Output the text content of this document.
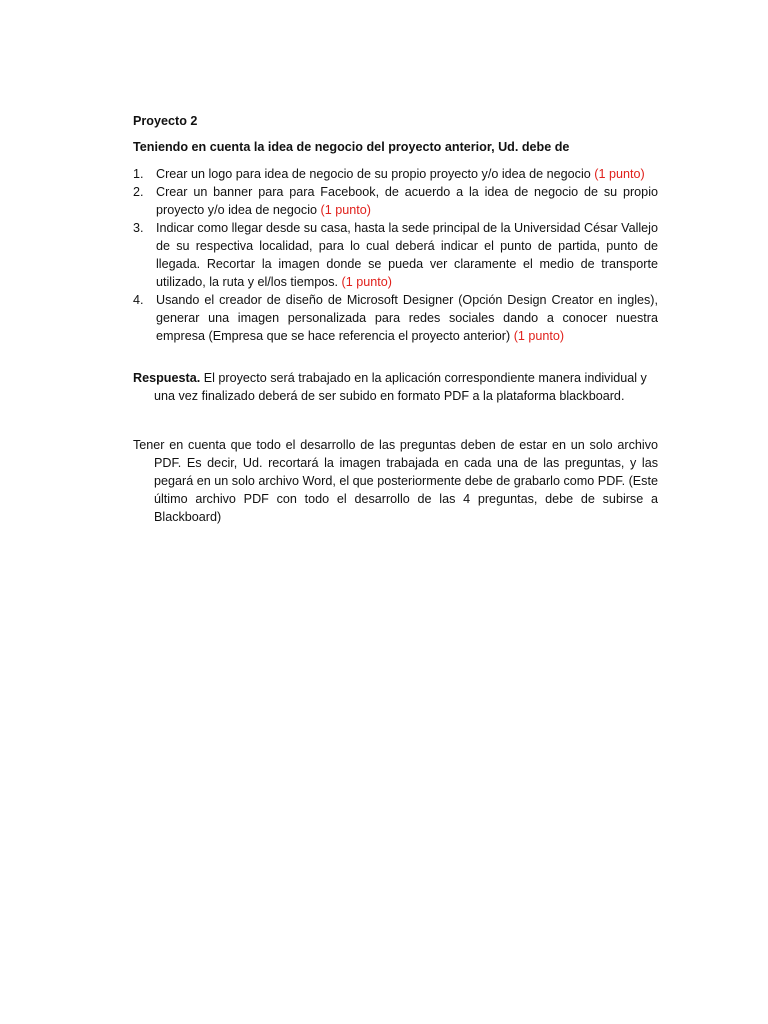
Proyecto 2

Teniendo en cuenta la idea de negocio del proyecto anterior, Ud. debe de

1. Crear un logo para idea de negocio de su propio proyecto y/o idea de negocio (1 punto)
2. Crear un banner para para Facebook, de acuerdo a la idea de negocio de su propio proyecto y/o idea de negocio (1 punto)
3. Indicar como llegar desde su casa, hasta la sede principal de la Universidad César Vallejo de su respectiva localidad, para lo cual deberá indicar el punto de partida, punto de llegada. Recortar la imagen donde se pueda ver claramente el medio de transporte utilizado, la ruta y el/los tiempos. (1 punto)
4. Usando el creador de diseño de Microsoft Designer (Opción Design Creator en ingles), generar una imagen personalizada para redes sociales dando a conocer nuestra empresa (Empresa que se hace referencia el proyecto anterior) (1 punto)

Respuesta. El proyecto será trabajado en la aplicación correspondiente manera individual y una vez finalizado deberá de ser subido en formato PDF a la plataforma blackboard.

Tener en cuenta que todo el desarrollo de las preguntas deben de estar en un solo archivo PDF. Es decir, Ud. recortará la imagen trabajada en cada una de las preguntas, y las pegará en un solo archivo Word, el que posteriormente debe de grabarlo como PDF. (Este último archivo PDF con todo el desarrollo de las 4 preguntas, debe de subirse a Blackboard)
